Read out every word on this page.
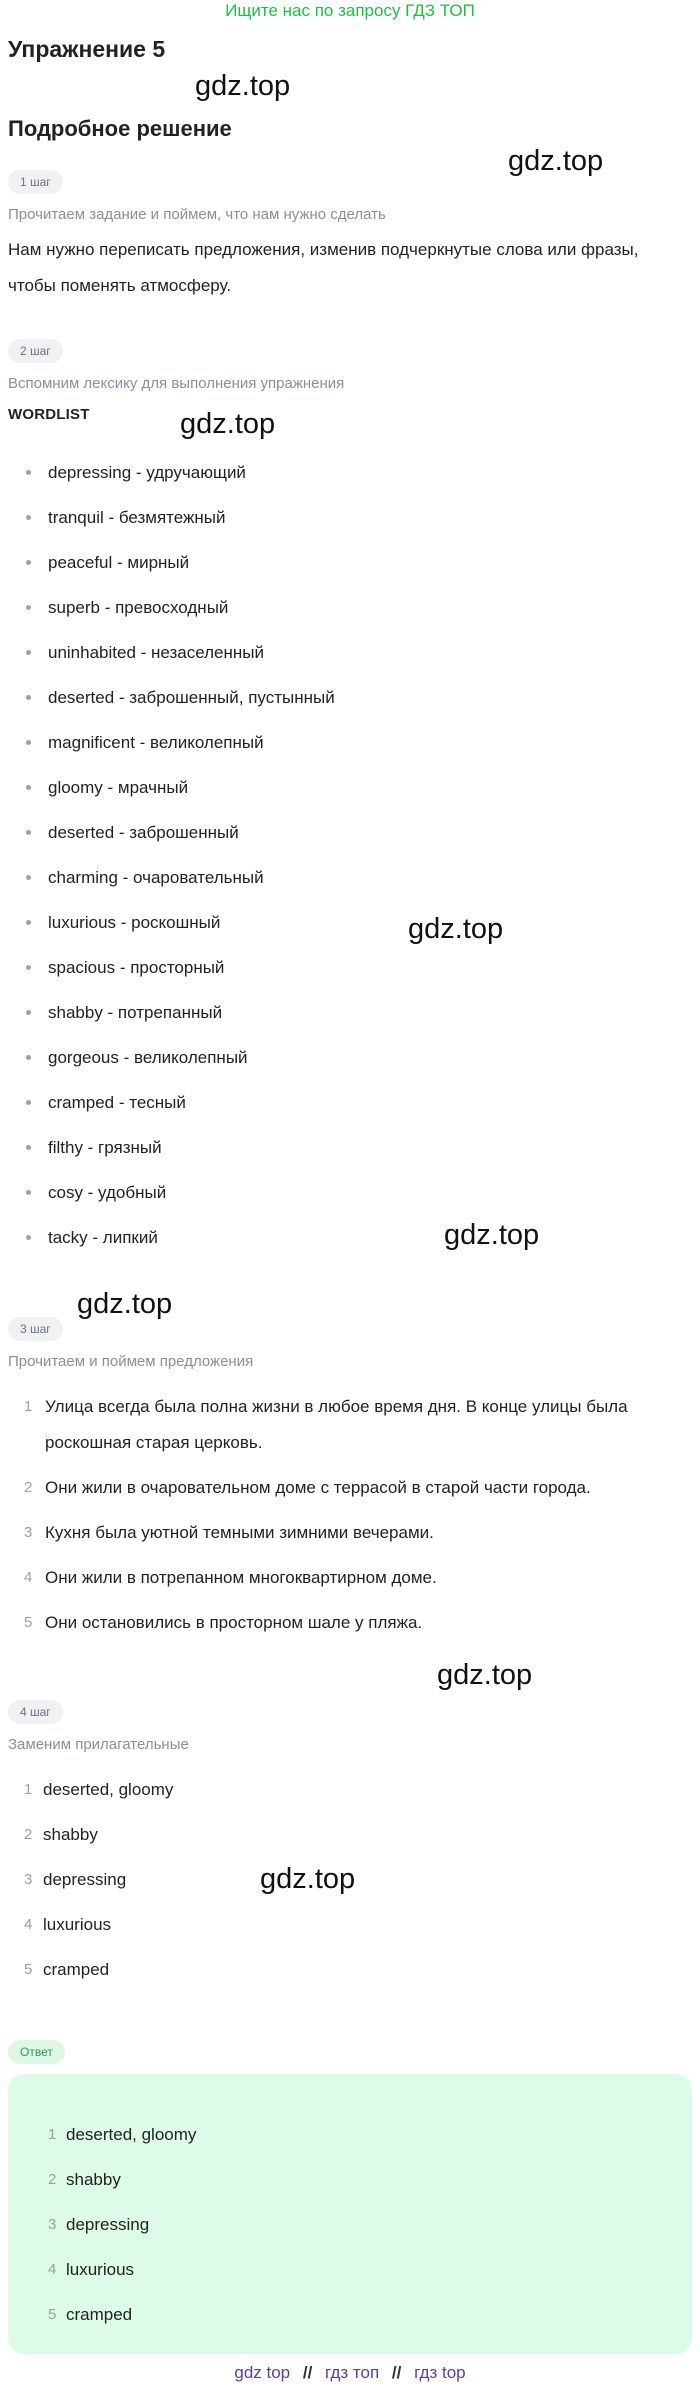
Ищите нас по запросу ГДЗ ТОП
Упражнение 5
Подробное решение
gdz.top
gdz.top
gdz.top
gdz.top
gdz.top
gdz.top
gdz.top
gdz.top
1 шаг
Прочитаем задание и поймем, что нам нужно сделать
Нам нужно переписать предложения, изменив подчеркнутые слова или фразы, чтобы поменять атмосферу.
2 шаг
Вспомним лексику для выполнения упражнения
WORDLIST
depressing - удручающий
tranquil - безмятежный
peaceful - мирный
superb - превосходный
uninhabited - незаселенный
deserted - заброшенный, пустынный
magnificent - великолепный
gloomy - мрачный
deserted - заброшенный
charming - очаровательный
luxurious - роскошный
spacious - просторный
shabby - потрепанный
gorgeous - великолепный
cramped - тесный
filthy - грязный
cosy - удобный
tacky - липкий
3 шаг
Прочитаем и поймем предложения
1 Улица всегда была полна жизни в любое время дня. В конце улицы была роскошная старая церковь.
2 Они жили в очаровательном доме с террасой в старой части города.
3 Кухня была уютной темными зимними вечерами.
4 Они жили в потрепанном многоквартирном доме.
5 Они остановились в просторном шале у пляжа.
4 шаг
Заменим прилагательные
1 deserted, gloomy
2 shabby
3 depressing
4 luxurious
5 cramped
Ответ
1 deserted, gloomy
2 shabby
3 depressing
4 luxurious
5 cramped
gdz top // гдз топ // гдз top
